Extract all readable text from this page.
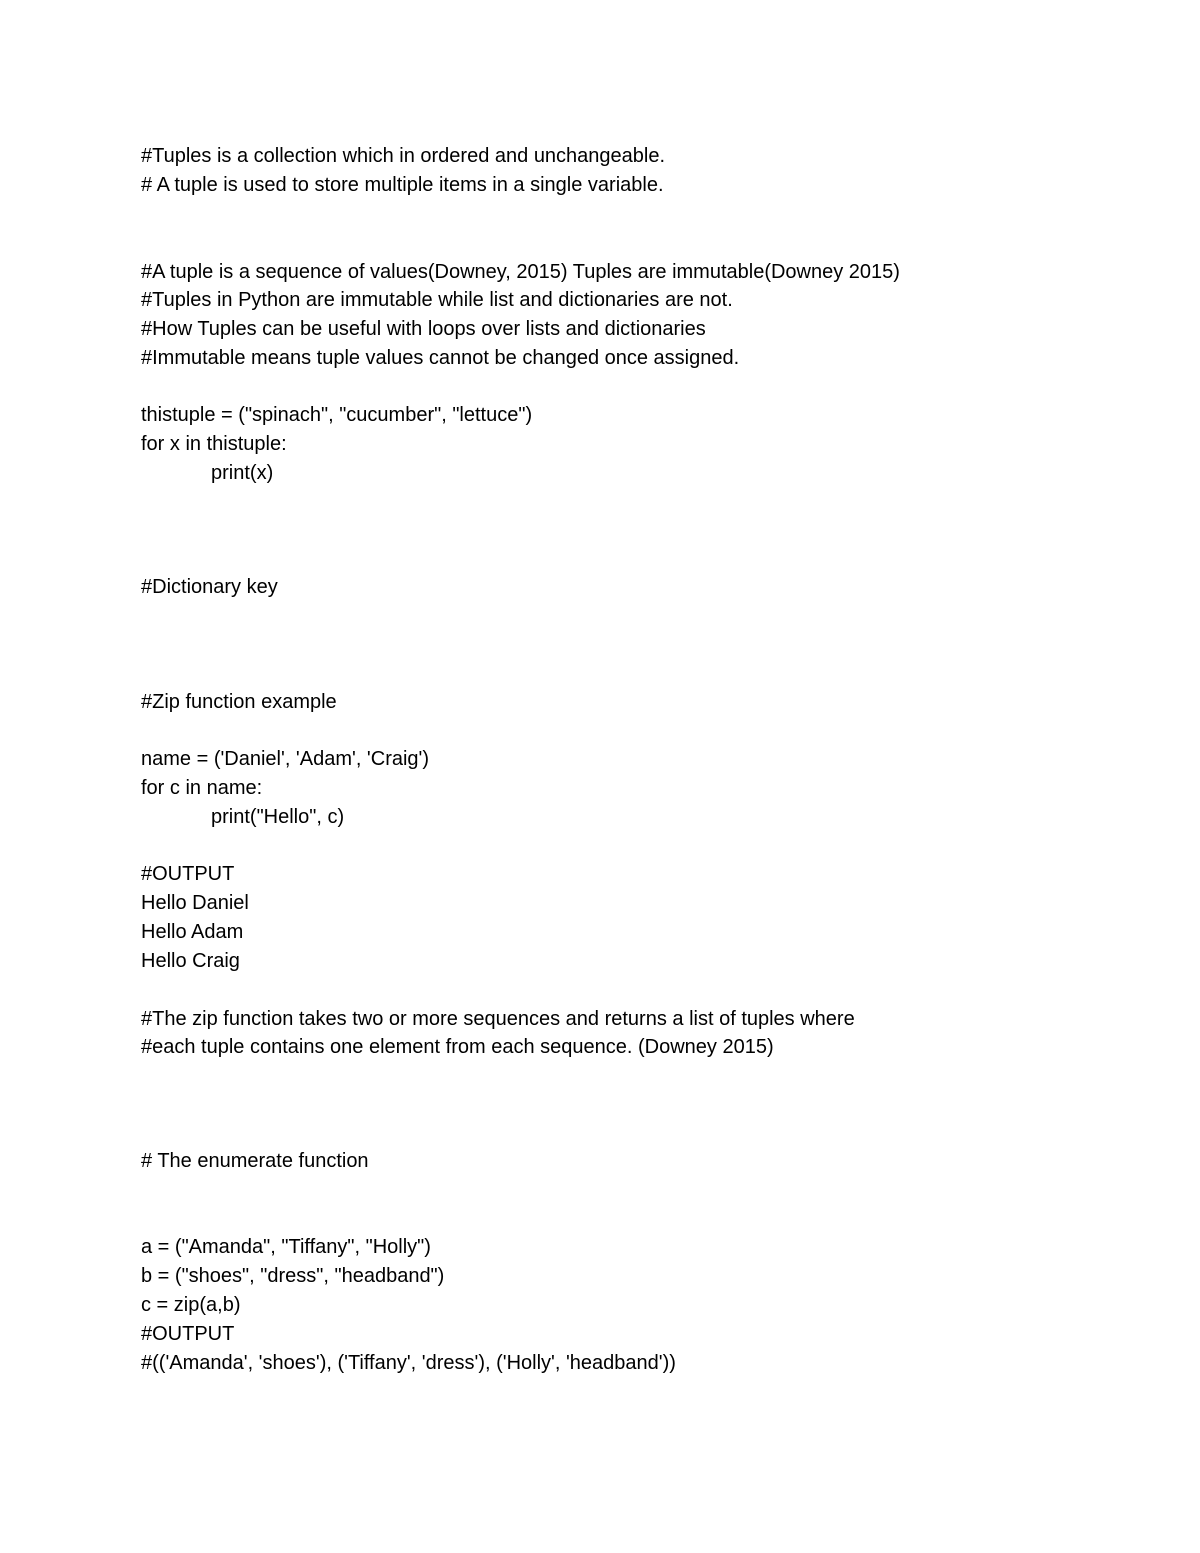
#Tuples is a collection which in ordered and unchangeable.
# A tuple is used to store multiple items in a single variable.
#A tuple is a sequence of values(Downey, 2015) Tuples are immutable(Downey 2015)
#Tuples in Python are immutable while list and dictionaries are not.
#How Tuples can be useful with loops over lists and dictionaries
#Immutable means tuple values cannot be changed once assigned.
thistuple = ("spinach", "cucumber", "lettuce")
for x in thistuple:
print(x)
#Dictionary key
#Zip function example
name = ('Daniel', 'Adam', 'Craig')
for c in name:
print("Hello", c)
#OUTPUT
Hello Daniel
Hello Adam
Hello Craig
#The zip function takes two or more sequences and returns a list of tuples where
#each tuple contains one element from each sequence. (Downey 2015)
# The enumerate function
a = ("Amanda", "Tiffany", "Holly")
b = ("shoes", "dress", "headband")
c = zip(a,b)
#OUTPUT
#(('Amanda', 'shoes'), ('Tiffany', 'dress'), ('Holly', 'headband'))
